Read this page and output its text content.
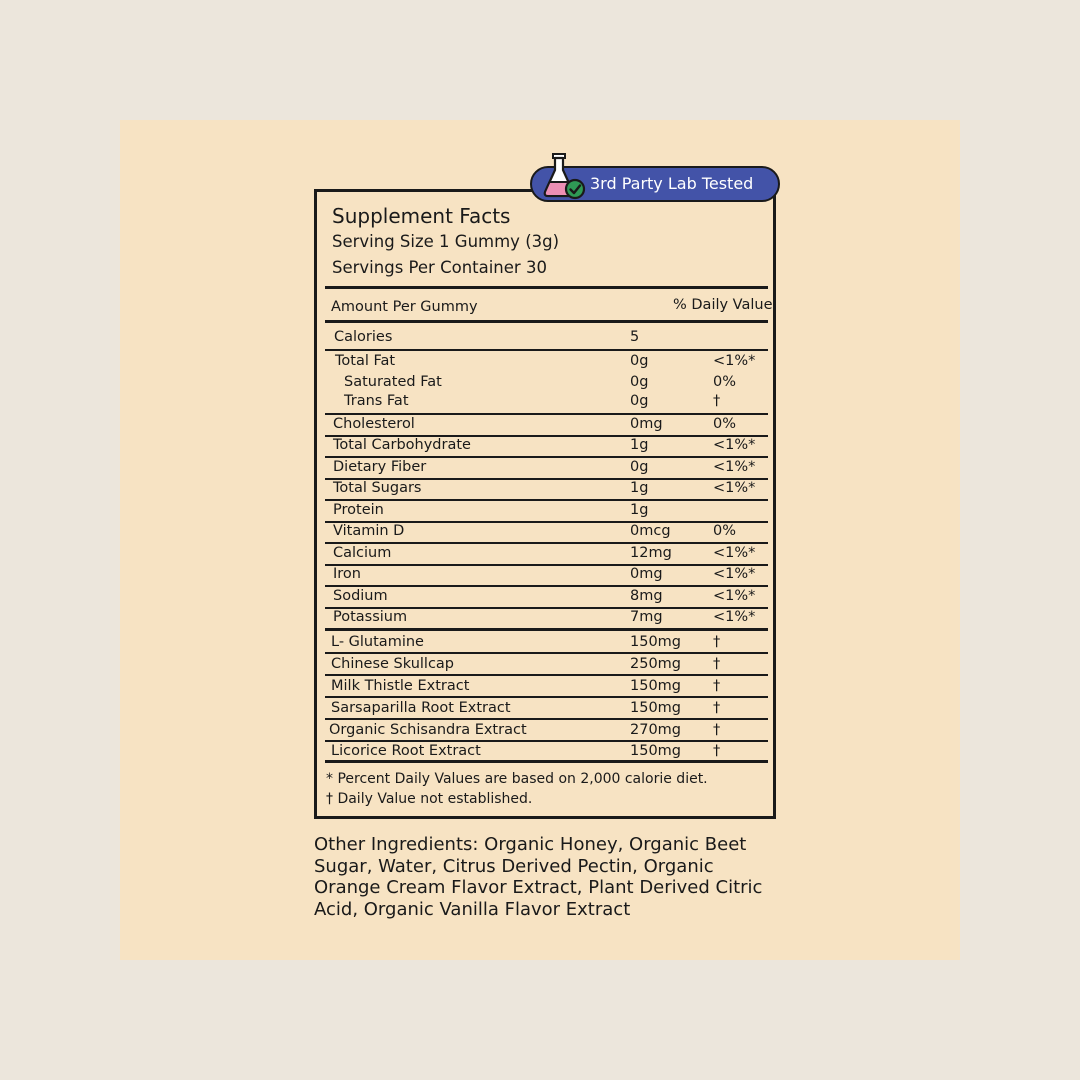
3rd Party Lab Tested
Supplement Facts
Serving Size 1 Gummy (3g)
Servings Per Container 30
Amount Per Gummy	% Daily Value
Calories	5
Total Fat	0g	<1%*
Saturated Fat	0g	0%
Trans Fat	0g	†
Cholesterol	0mg	0%
Total Carbohydrate	1g	<1%*
Dietary Fiber	0g	<1%*
Total Sugars	1g	<1%*
Protein	1g
Vitamin D	0mcg	0%
Calcium	12mg	<1%*
Iron	0mg	<1%*
Sodium	8mg	<1%*
Potassium	7mg	<1%*
L- Glutamine	150mg †
Chinese Skullcap	250mg †
Milk Thistle Extract	150mg †
Sarsaparilla Root Extract	150mg †
Organic Schisandra Extract	270mg †
Licorice Root Extract	150mg †
* Percent Daily Values are based on 2,000 calorie diet.
† Daily Value not established.
Other Ingredients: Organic Honey, Organic Beet Sugar, Water, Citrus Derived Pectin, Organic Orange Cream Flavor Extract, Plant Derived Citric Acid, Organic Vanilla Flavor Extract
